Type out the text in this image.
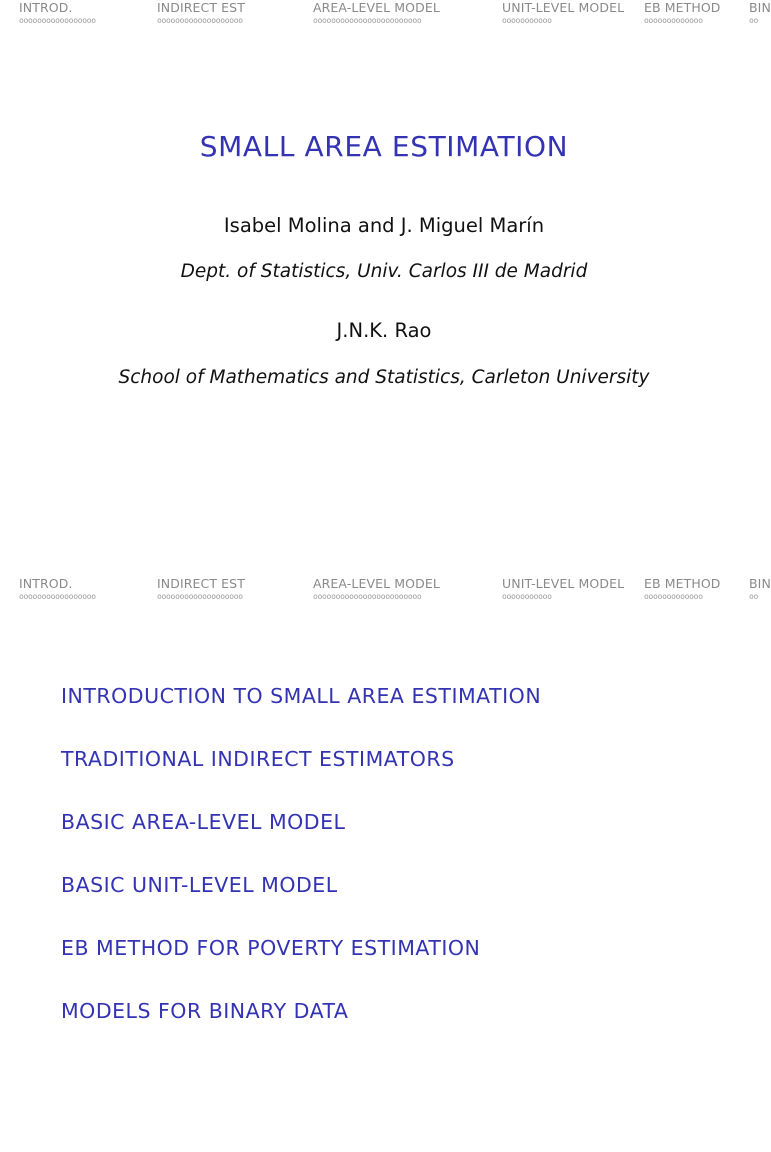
INTROD.
ooooooooooooooooo
INDIRECT EST
ooooooooooooooooooo
AREA-LEVEL MODEL
oooooooooooooooooooooooo
UNIT-LEVEL MODEL
ooooooooooo
EB METHOD
ooooooooooooo
BIN
oo
SMALL AREA ESTIMATION
Isabel Molina and J. Miguel Marín
Dept. of Statistics, Univ. Carlos III de Madrid
J.N.K. Rao
School of Mathematics and Statistics, Carleton University
INTROD.
ooooooooooooooooo
INDIRECT EST
ooooooooooooooooooo
AREA-LEVEL MODEL
oooooooooooooooooooooooo
UNIT-LEVEL MODEL
ooooooooooo
EB METHOD
ooooooooooooo
BIN
oo
INTRODUCTION TO SMALL AREA ESTIMATION
TRADITIONAL INDIRECT ESTIMATORS
BASIC AREA-LEVEL MODEL
BASIC UNIT-LEVEL MODEL
EB METHOD FOR POVERTY ESTIMATION
MODELS FOR BINARY DATA
